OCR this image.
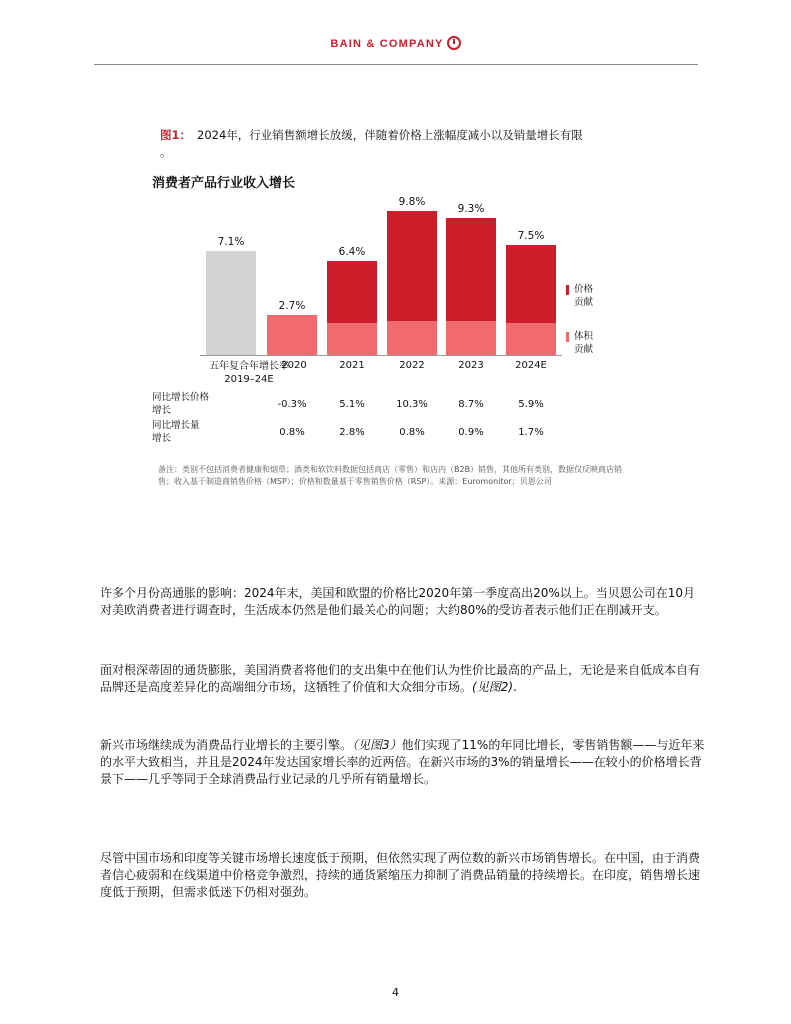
BAIN & COMPANY
图1： 2024年，行业销售额增长放缓，伴随着价格上涨幅度减小以及销量增长有限
。
消费者产品行业收入增长
7.1%
2.7%
6.4%
9.8%
9.3%
7.5%
五年复合年增长率
2019–24E
2020	2021	2022	2023	2024E
价格
贡献
体积
贡献
同比增长价格
增长
-0.3%	5.1%	10.3%	8.7%	5.9%
同比增长量
增长
0.8%	2.8%	0.8%	0.9%	1.7%
备注：类别不包括消费者健康和烟草；酒类和软饮料数据包括商店（零售）和店内（B2B）销售，其他所有类别，数据仅反映商店销售；收入基于制造商销售价格（MSP）；价格和数量基于零售销售价格（RSP）。来源：Euromonitor；贝恩公司
许多个月份高通胀的影响：2024年末，美国和欧盟的价格比2020年第一季度高出20%以上。当贝恩公司在10月对美欧消费者进行调查时，生活成本仍然是他们最关心的问题；大约80%的受访者表示他们正在削减开支。
面对根深蒂固的通货膨胀，美国消费者将他们的支出集中在他们认为性价比最高的产品上，无论是来自低成本自有品牌还是高度差异化的高端细分市场，这牺牲了价值和大众细分市场。(见图2).
新兴市场继续成为消费品行业增长的主要引擎。（见图3）他们实现了11%的年同比增长，零售销售额——与近年来的水平大致相当，并且是2024年发达国家增长率的近两倍。在新兴市场的3%的销量增长——在较小的价格增长背景下——几乎等同于全球消费品行业记录的几乎所有销量增长。
尽管中国市场和印度等关键市场增长速度低于预期，但依然实现了两位数的新兴市场销售增长。在中国，由于消费者信心疲弱和在线渠道中价格竞争激烈，持续的通货紧缩压力抑制了消费品销量的持续增长。在印度，销售增长速度低于预期，但需求低迷下仍相对强劲。
4
